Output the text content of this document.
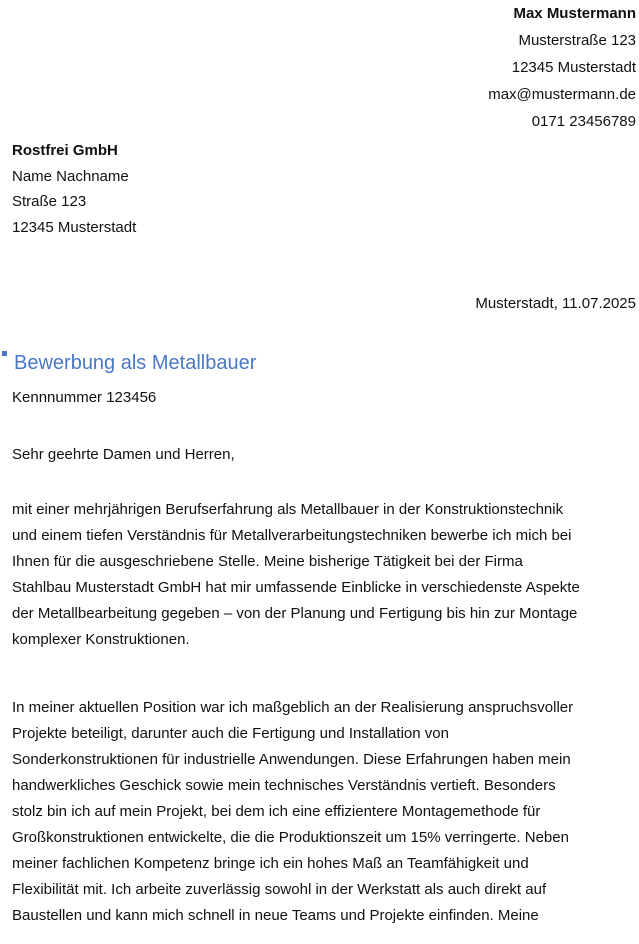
Max Mustermann
Musterstraße 123
12345 Musterstadt
max@mustermann.de
0171 23456789
Rostfrei GmbH
Name Nachname
Straße 123
12345 Musterstadt
Musterstadt, 11.07.2025
Bewerbung als Metallbauer
Kennnummer 123456
Sehr geehrte Damen und Herren,
mit einer mehrjährigen Berufserfahrung als Metallbauer in der Konstruktionstechnik
und einem tiefen Verständnis für Metallverarbeitungstechniken bewerbe ich mich bei
Ihnen für die ausgeschriebene Stelle. Meine bisherige Tätigkeit bei der Firma
Stahlbau Musterstadt GmbH hat mir umfassende Einblicke in verschiedenste Aspekte
der Metallbearbeitung gegeben – von der Planung und Fertigung bis hin zur Montage
komplexer Konstruktionen.
In meiner aktuellen Position war ich maßgeblich an der Realisierung anspruchsvoller
Projekte beteiligt, darunter auch die Fertigung und Installation von
Sonderkonstruktionen für industrielle Anwendungen. Diese Erfahrungen haben mein
handwerkliches Geschick sowie mein technisches Verständnis vertieft. Besonders
stolz bin ich auf mein Projekt, bei dem ich eine effizientere Montagemethode für
Großkonstruktionen entwickelte, die die Produktionszeit um 15% verringerte. Neben
meiner fachlichen Kompetenz bringe ich ein hohes Maß an Teamfähigkeit und
Flexibilität mit. Ich arbeite zuverlässig sowohl in der Werkstatt als auch direkt auf
Baustellen und kann mich schnell in neue Teams und Projekte einfinden. Meine
